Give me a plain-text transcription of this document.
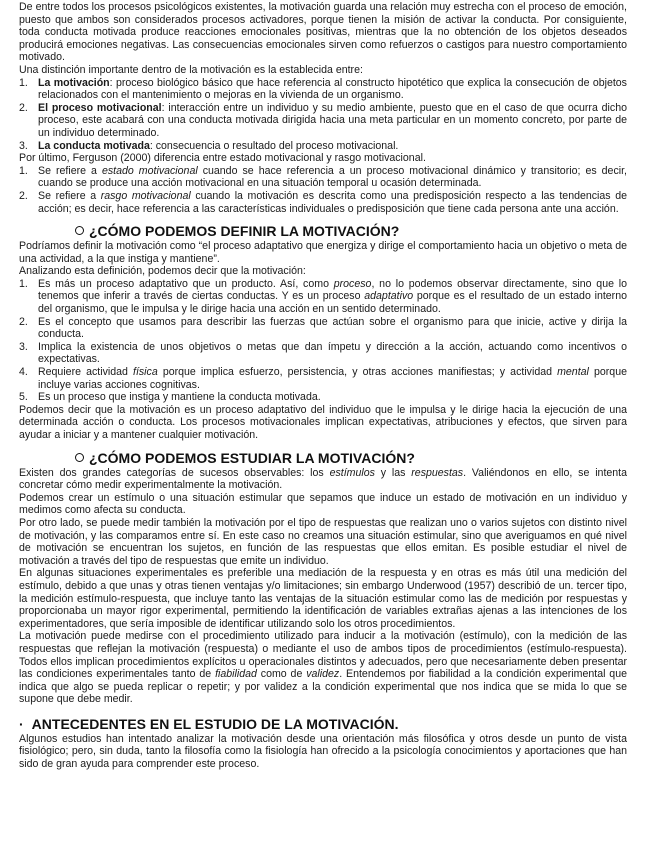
De entre todos los procesos psicológicos existentes, la motivación guarda una relación muy estrecha con el proceso de emoción, puesto que ambos son considerados procesos activadores, porque tienen la misión de activar la conducta. Por consiguiente, toda conducta motivada produce reacciones emocionales positivas, mientras que la no obtención de los objetos deseados producirá emociones negativas. Las consecuencias emocionales sirven como refuerzos o castigos para nuestro comportamiento motivado.

Una distinción importante dentro de la motivación es la establecida entre:

1. La motivación: proceso biológico básico que hace referencia al constructo hipotético que explica la consecución de objetos relacionados con el mantenimiento o mejoras en la vivienda de un organismo.
2. El proceso motivacional: interacción entre un individuo y su medio ambiente, puesto que en el caso de que ocurra dicho proceso, este acabará con una conducta motivada dirigida hacia una meta particular en un momento concreto, por parte de un individuo determinado.
3. La conducta motivada: consecuencia o resultado del proceso motivacional.

Por último, Ferguson (2000) diferencia entre estado motivacional y rasgo motivacional.

1. Se refiere a estado motivacional cuando se hace referencia a un proceso motivacional dinámico y transitorio; es decir, cuando se produce una acción motivacional en una situación temporal u ocasión determinada.
2. Se refiere a rasgo motivacional cuando la motivación es descrita como una predisposición respecto a las tendencias de acción; es decir, hace referencia a las características individuales o predisposición que tiene cada persona ante una acción.
¿CÓMO PODEMOS DEFINIR LA MOTIVACIÓN?

Podríamos definir la motivación como “el proceso adaptativo que energiza y dirige el comportamiento hacia un objetivo o meta de una actividad, a la que instiga y mantiene”.

Analizando esta definición, podemos decir que la motivación:

1. Es más un proceso adaptativo que un producto. Así, como proceso, no lo podemos observar directamente, sino que lo tenemos que inferir a través de ciertas conductas. Y es un proceso adaptativo porque es el resultado de un estado interno del organismo, que le impulsa y le dirige hacia una acción en un sentido determinado.
2. Es el concepto que usamos para describir las fuerzas que actúan sobre el organismo para que inicie, active y dirija la conducta.
3. Implica la existencia de unos objetivos o metas que dan ímpetu y dirección a la acción, actuando como incentivos o expectativas.
4. Requiere actividad física porque implica esfuerzo, persistencia, y otras acciones manifiestas; y actividad mental porque incluye varias acciones cognitivas.
5. Es un proceso que instiga y mantiene la conducta motivada.

Podemos decir que la motivación es un proceso adaptativo del individuo que le impulsa y le dirige hacia la ejecución de una determinada acción o conducta. Los procesos motivacionales implican expectativas, atribuciones y efectos, que sirven para ayudar a iniciar y a mantener cualquier motivación.

¿CÓMO PODEMOS ESTUDIAR LA MOTIVACIÓN?

Existen dos grandes categorías de sucesos observables: los estímulos y las respuestas. Valiéndonos en ello, se intenta concretar cómo medir experimentalmente la motivación.

Podemos crear un estímulo o una situación estimular que sepamos que induce un estado de motivación en un individuo y medimos como afecta su conducta.

Por otro lado, se puede medir también la motivación por el tipo de respuestas que realizan uno o varios sujetos con distinto nivel de motivación, y las comparamos entre sí. En este caso no creamos una situación estimular, sino que averiguamos en qué nivel de motivación se encuentran los sujetos, en función de las respuestas que ellos emitan. Es posible estudiar el nivel de motivación a través del tipo de respuestas que emite un individuo.

En algunas situaciones experimentales es preferible una mediación de la respuesta y en otras es más útil una medición del estímulo, debido a que unas y otras tienen ventajas y/o limitaciones; sin embargo Underwood (1957) describió de un. tercer tipo, la medición estímulo-respuesta, que incluye tanto las ventajas de la situación estimular como las de medición por respuestas y proporcionaba un mayor rigor experimental, permitiendo la identificación de variables extrañas ajenas a las intenciones de los experimentadores, que sería imposible de identificar utilizando solo los otros procedimientos.

La motivación puede medirse con el procedimiento utilizado para inducir a la motivación (estímulo), con la medición de las respuestas que reflejan la motivación (respuesta) o mediante el uso de ambos tipos de procedimientos (estímulo-respuesta). Todos ellos implican procedimientos explícitos u operacionales distintos y adecuados, pero que necesariamente deben presentar las condiciones experimentales tanto de fiabilidad como de validez. Entendemos por fiabilidad a la condición experimental que indica que algo se pueda replicar o repetir; y por validez a la condición experimental que nos indica que se mida lo que se supone que debe medir.

· ANTECEDENTES EN EL ESTUDIO DE LA MOTIVACIÓN.

Algunos estudios han intentado analizar la motivación desde una orientación más filosófica y otros desde un punto de vista fisiológico; pero, sin duda, tanto la filosofía como la fisiología han ofrecido a la psicología conocimientos y aportaciones que han sido de gran ayuda para comprender este proceso.
